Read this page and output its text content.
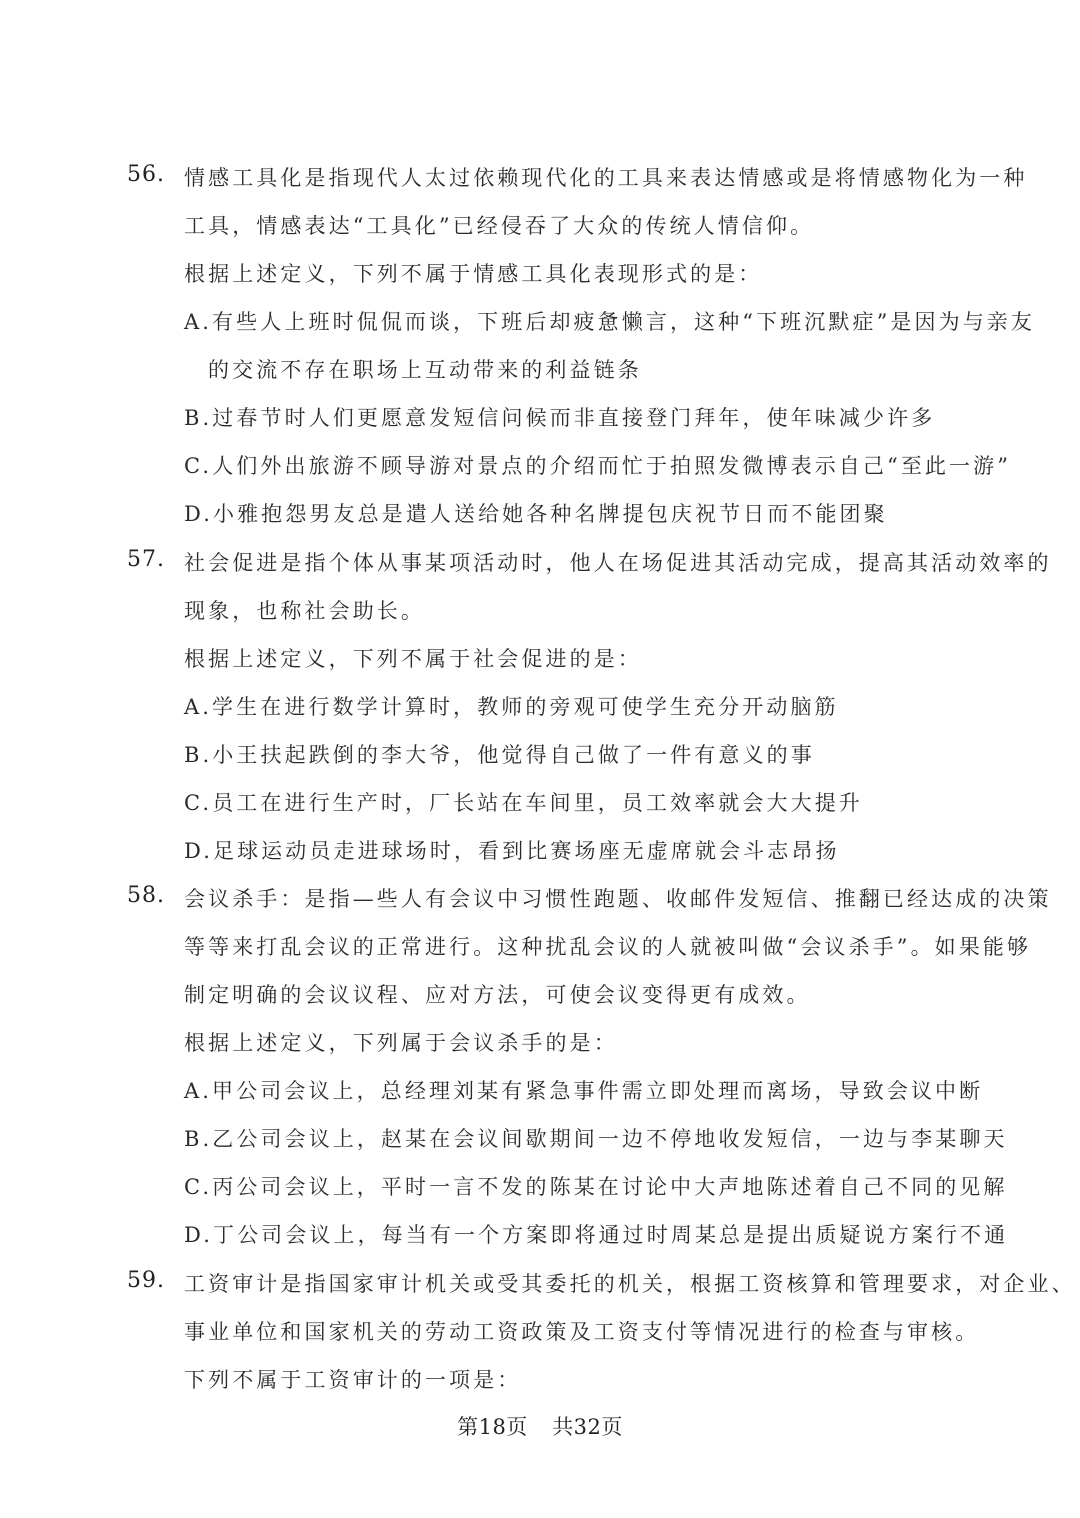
56. 情感工具化是指现代人太过依赖现代化的工具来表达情感或是将情感物化为一种
工具，情感表达“工具化”已经侵吞了大众的传统人情信仰。
根据上述定义，下列不属于情感工具化表现形式的是：
A.有些人上班时侃侃而谈，下班后却疲惫懒言，这种“下班沉默症”是因为与亲友
的交流不存在职场上互动带来的利益链条
B.过春节时人们更愿意发短信问候而非直接登门拜年，使年味减少许多
C.人们外出旅游不顾导游对景点的介绍而忙于拍照发微博表示自己“至此一游”
D.小雅抱怨男友总是遣人送给她各种名牌提包庆祝节日而不能团聚
57. 社会促进是指个体从事某项活动时，他人在场促进其活动完成，提高其活动效率的
现象，也称社会助长。
根据上述定义，下列不属于社会促进的是：
A.学生在进行数学计算时，教师的旁观可使学生充分开动脑筋
B.小王扶起跌倒的李大爷，他觉得自己做了一件有意义的事
C.员工在进行生产时，厂长站在车间里，员工效率就会大大提升
D.足球运动员走进球场时，看到比赛场座无虚席就会斗志昂扬
58. 会议杀手：是指—些人有会议中习惯性跑题、收邮件发短信、推翻已经达成的决策
等等来打乱会议的正常进行。这种扰乱会议的人就被叫做“会议杀手”。如果能够
制定明确的会议议程、应对方法，可使会议变得更有成效。
根据上述定义，下列属于会议杀手的是：
A.甲公司会议上，总经理刘某有紧急事件需立即处理而离场，导致会议中断
B.乙公司会议上，赵某在会议间歇期间一边不停地收发短信，一边与李某聊天
C.丙公司会议上，平时一言不发的陈某在讨论中大声地陈述着自己不同的见解
D.丁公司会议上，每当有一个方案即将通过时周某总是提出质疑说方案行不通
59. 工资审计是指国家审计机关或受其委托的机关，根据工资核算和管理要求，对企业、
事业单位和国家机关的劳动工资政策及工资支付等情况进行的检查与审核。
下列不属于工资审计的一项是：
第18页 共32页
